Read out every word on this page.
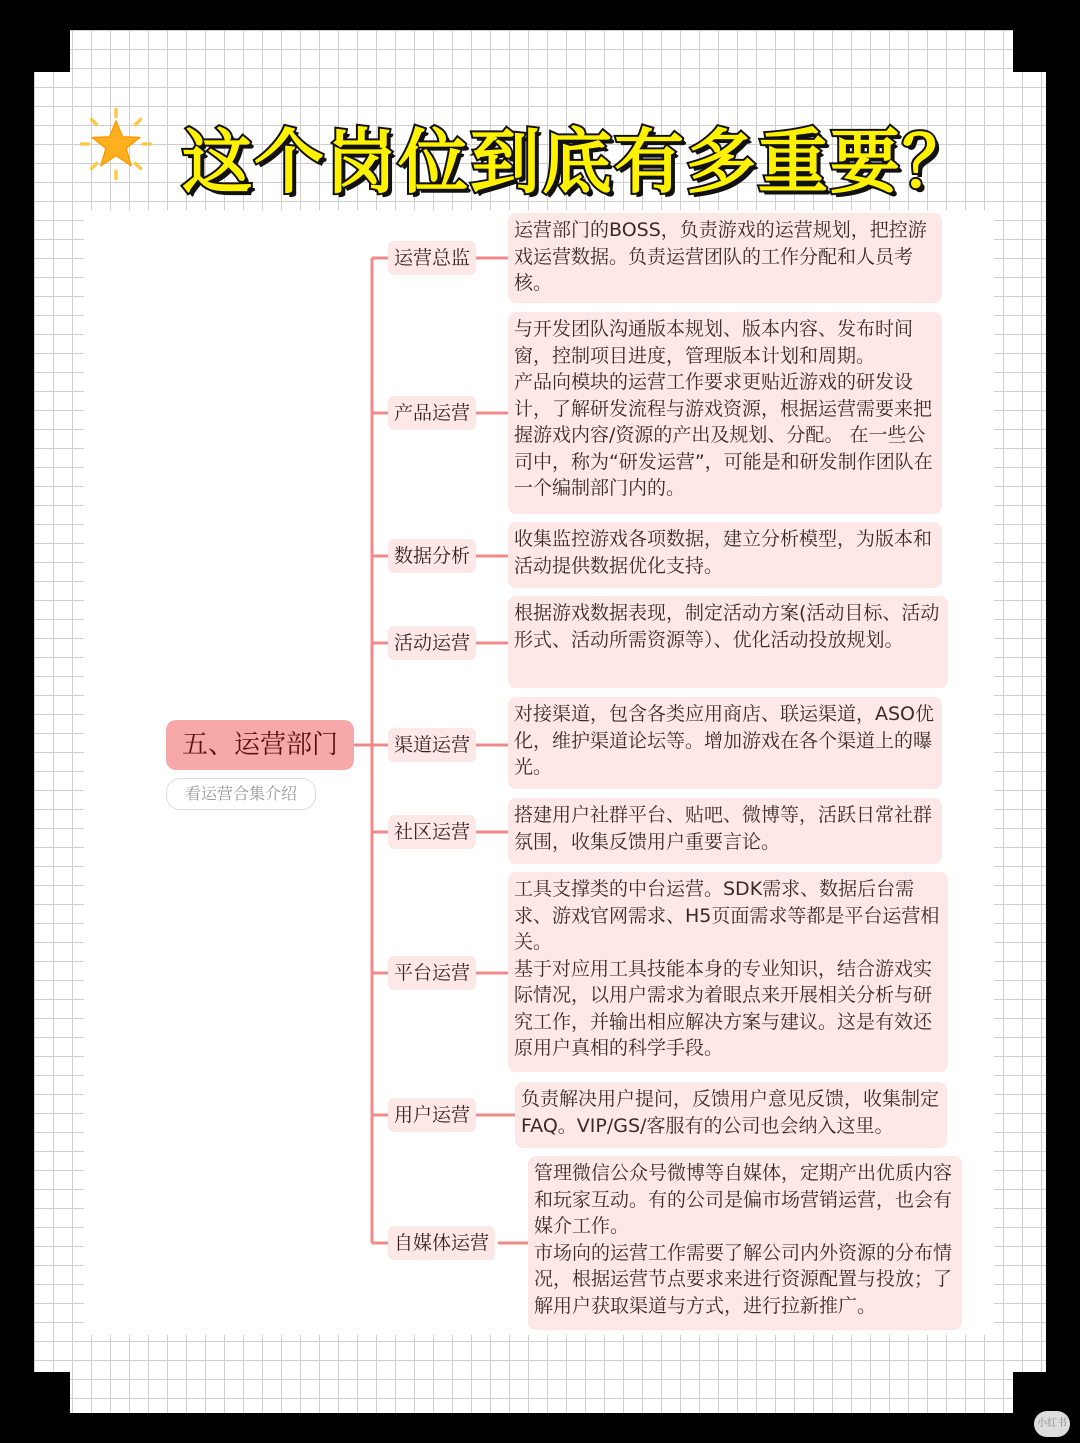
这个岗位到底有多重要？
五、运营部门
看运营合集介绍
运营总监
产品运营
数据分析
活动运营
渠道运营
社区运营
平台运营
用户运营
自媒体运营
运营部门的BOSS，负责游戏的运营规划，把控游戏运营数据。负责运营团队的工作分配和人员考核。
与开发团队沟通版本规划、版本内容、发布时间窗，控制项目进度，管理版本计划和周期。
产品向模块的运营工作要求更贴近游戏的研发设计，了解研发流程与游戏资源，根据运营需要来把握游戏内容/资源的产出及规划、分配。 在一些公司中，称为“研发运营”，可能是和研发制作团队在一个编制部门内的。
收集监控游戏各项数据，建立分析模型，为版本和活动提供数据优化支持。
根据游戏数据表现，制定活动方案(活动目标、活动形式、活动所需资源等）、优化活动投放规划。
对接渠道，包含各类应用商店、联运渠道，ASO优化，维护渠道论坛等。增加游戏在各个渠道上的曝光。
搭建用户社群平台、贴吧、微博等，活跃日常社群氛围，收集反馈用户重要言论。
工具支撑类的中台运营。SDK需求、数据后台需求、游戏官网需求、H5页面需求等都是平台运营相关。
基于对应用工具技能本身的专业知识，结合游戏实际情况，以用户需求为着眼点来开展相关分析与研究工作，并输出相应解决方案与建议。这是有效还原用户真相的科学手段。
负责解决用户提问，反馈用户意见反馈，收集制定FAQ。VIP/GS/客服有的公司也会纳入这里。
管理微信公众号微博等自媒体，定期产出优质内容和玩家互动。有的公司是偏市场营销运营，也会有媒介工作。
市场向的运营工作需要了解公司内外资源的分布情况，根据运营节点要求来进行资源配置与投放；了解用户获取渠道与方式，进行拉新推广。
小红书
